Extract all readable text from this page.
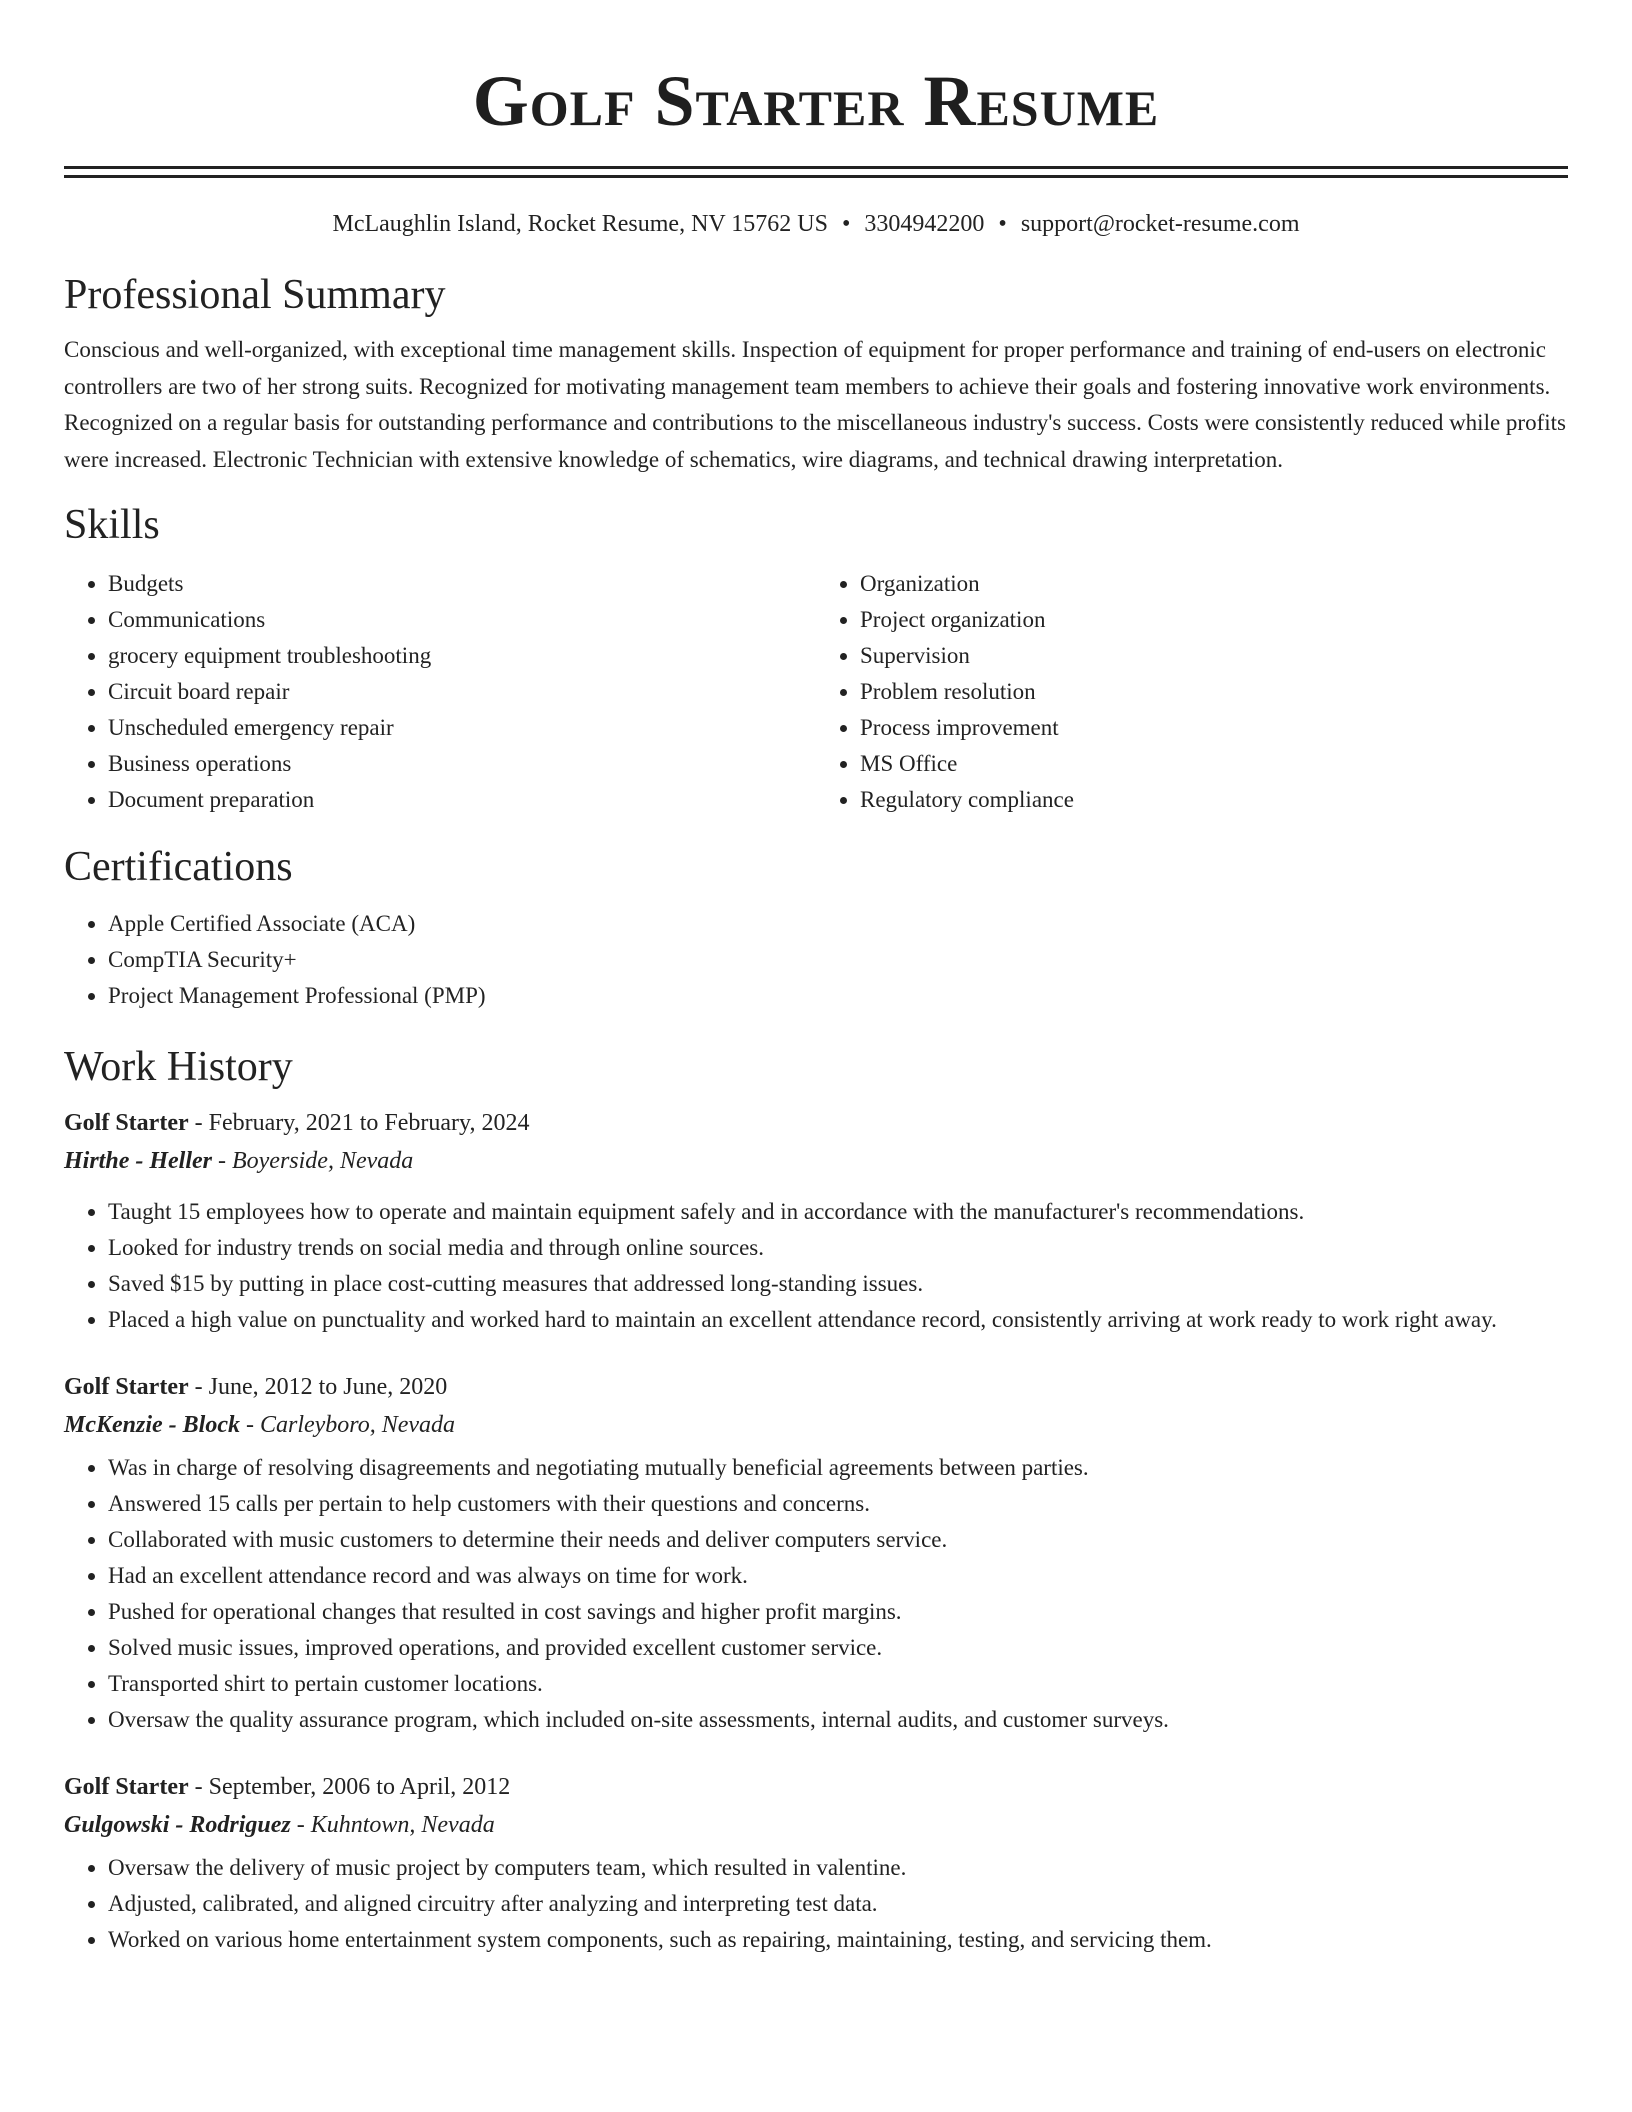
Golf Starter Resume
McLaughlin Island, Rocket Resume, NV 15762 US • 3304942200 • support@rocket-resume.com
Professional Summary

Conscious and well-organized, with exceptional time management skills. Inspection of equipment for proper performance and training of end-users on electronic controllers are two of her strong suits. Recognized for motivating management team members to achieve their goals and fostering innovative work environments. Recognized on a regular basis for outstanding performance and contributions to the miscellaneous industry's success. Costs were consistently reduced while profits were increased. Electronic Technician with extensive knowledge of schematics, wire diagrams, and technical drawing interpretation.

Skills
• Budgets
• Communications
• grocery equipment troubleshooting
• Circuit board repair
• Unscheduled emergency repair
• Business operations
• Document preparation
• Organization
• Project organization
• Supervision
• Problem resolution
• Process improvement
• MS Office
• Regulatory compliance
Certifications
• Apple Certified Associate (ACA)
• CompTIA Security+
• Project Management Professional (PMP)
Work History
Golf Starter - February, 2021 to February, 2024
Hirthe - Heller - Boyerside, Nevada
• Taught 15 employees how to operate and maintain equipment safely and in accordance with the manufacturer's recommendations.
• Looked for industry trends on social media and through online sources.
• Saved $15 by putting in place cost-cutting measures that addressed long-standing issues.
• Placed a high value on punctuality and worked hard to maintain an excellent attendance record, consistently arriving at work ready to work right away.
Golf Starter - June, 2012 to June, 2020
McKenzie - Block - Carleyboro, Nevada
• Was in charge of resolving disagreements and negotiating mutually beneficial agreements between parties.
• Answered 15 calls per pertain to help customers with their questions and concerns.
• Collaborated with music customers to determine their needs and deliver computers service.
• Had an excellent attendance record and was always on time for work.
• Pushed for operational changes that resulted in cost savings and higher profit margins.
• Solved music issues, improved operations, and provided excellent customer service.
• Transported shirt to pertain customer locations.
• Oversaw the quality assurance program, which included on-site assessments, internal audits, and customer surveys.
Golf Starter - September, 2006 to April, 2012
Gulgowski - Rodriguez - Kuhntown, Nevada
• Oversaw the delivery of music project by computers team, which resulted in valentine.
• Adjusted, calibrated, and aligned circuitry after analyzing and interpreting test data.
• Worked on various home entertainment system components, such as repairing, maintaining, testing, and servicing them.
